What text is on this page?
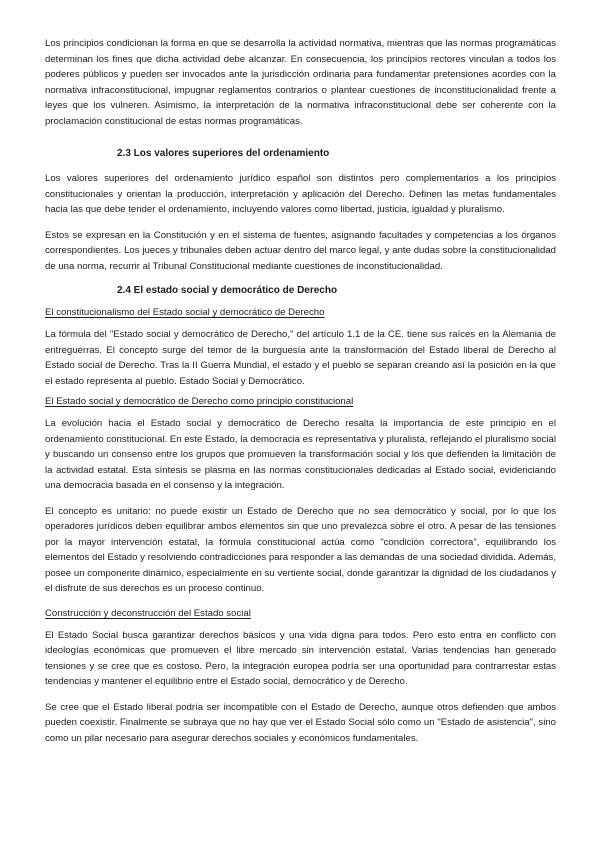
Los principios condicionan la forma en que se desarrolla la actividad normativa, mientras que las normas programáticas determinan los fines que dicha actividad debe alcanzar. En consecuencia, los principios rectores vinculan a todos los poderes públicos y pueden ser invocados ante la jurisdicción ordinaria para fundamentar pretensiones acordes con la normativa infraconstitucional, impugnar reglamentos contrarios o plantear cuestiones de inconstitucionalidad frente a leyes que los vulneren. Asimismo, la interpretación de la normativa infraconstitucional debe ser coherente con la proclamación constitucional de estas normas programáticas.

2.3 Los valores superiores del ordenamiento

Los valores superiores del ordenamiento jurídico español son distintos pero complementarios a los principios constitucionales y orientan la producción, interpretación y aplicación del Derecho. Definen las metas fundamentales hacia las que debe tender el ordenamiento, incluyendo valores como libertad, justicia, igualdad y pluralismo.

Estos se expresan en la Constitución y en el sistema de fuentes, asignando facultades y competencias a los órganos correspondientes. Los jueces y tribunales deben actuar dentro del marco legal, y ante dudas sobre la constitucionalidad de una norma, recurrir al Tribunal Constitucional mediante cuestiones de inconstitucionalidad.

2.4 El estado social y democrático de Derecho
El constitucionalismo del Estado social y democrático de Derecho

La fórmula del "Estado social y democrático de Derecho," del artículo 1.1 de la CE. tiene sus raíces en la Alemania de entreguerras. El concepto surge del temor de la burguesía ante la transformación del Estado liberal de Derecho al Estado social de Derecho. Tras la II Guerra Mundial, el estado y el pueblo se separan creando así la posición en la que el estado representa al pueblo. Estado Social y Democrático.

El Estado social y democrático de Derecho como principio constitucional

La evolución hacia el Estado social y democrático de Derecho resalta la importancia de este principio en el ordenamiento constitucional. En este Estado, la democracia es representativa y pluralista, reflejando el pluralismo social y buscando un consenso entre los grupos que promueven la transformación social y los que defienden la limitación de la actividad estatal. Esta síntesis se plasma en las normas constitucionales dedicadas al Estado social, evidenciando una democracia basada en el consenso y la integración.

El concepto es unitario: no puede existir un Estado de Derecho que no sea democrático y social, por lo que los operadores jurídicos deben equilibrar ambos elementos sin que uno prevalezca sobre el otro. A pesar de las tensiones por la mayor intervención estatal, la fórmula constitucional actúa como "condición correctora", equilibrando los elementos del Estado y resolviendo contradicciones para responder a las demandas de una sociedad dividida. Además, posee un componente dinámico, especialmente en su vertiente social, donde garantizar la dignidad de los ciudadanos y el disfrute de sus derechos es un proceso continuo.

Construcción y deconstrucción del Estado social

El Estado Social busca garantizar derechos básicos y una vida digna para todos. Pero esto entra en conflicto con ideologías económicas que promueven el libre mercado sin intervención estatal. Varias tendencias han generado tensiones y se cree que es costoso. Pero, la integración europea podría ser una oportunidad para contrarrestar estas tendencias y mantener el equilibrio entre el Estado social, democrático y de Derecho.

Se cree que el Estado liberal podría ser incompatible con el Estado de Derecho, aunque otros defienden que ambos pueden coexistir. Finalmente se subraya que no hay que ver el Estado Social sólo como un "Estado de asistencia", sino como un pilar necesario para asegurar derechos sociales y económicos fundamentales.
